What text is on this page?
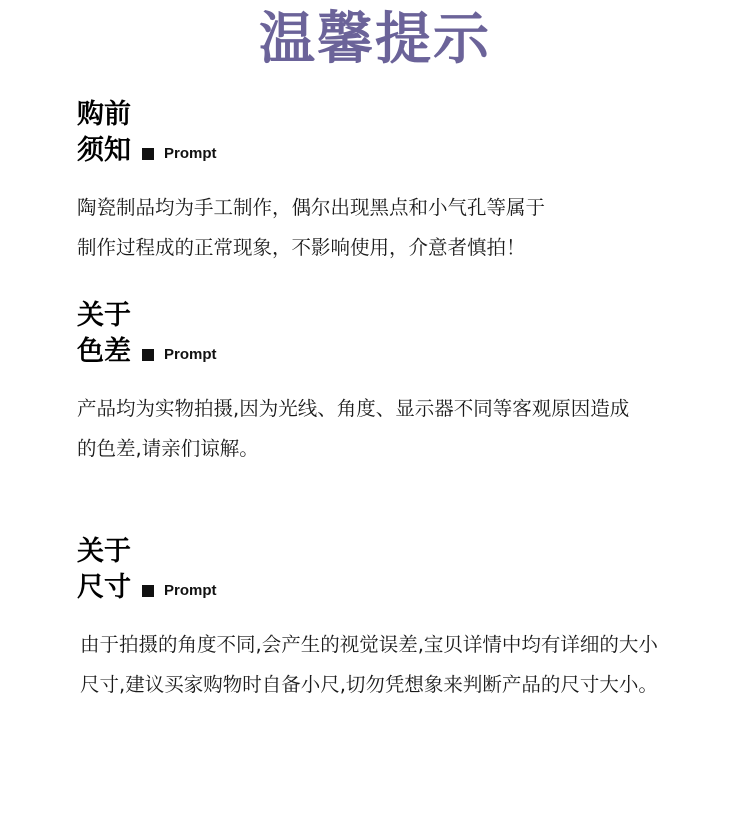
温馨提示
购前
须知 Prompt
陶瓷制品均为手工制作，偶尔出现黑点和小气孔等属于
制作过程成的正常现象，不影响使用，介意者慎拍！
关于
色差 Prompt
产品均为实物拍摄,因为光线、角度、显示器不同等客观原因造成
的色差,请亲们谅解。
关于
尺寸 Prompt
由于拍摄的角度不同,会产生的视觉误差,宝贝详情中均有详细的大小
尺寸,建议买家购物时自备小尺,切勿凭想象来判断产品的尺寸大小。
